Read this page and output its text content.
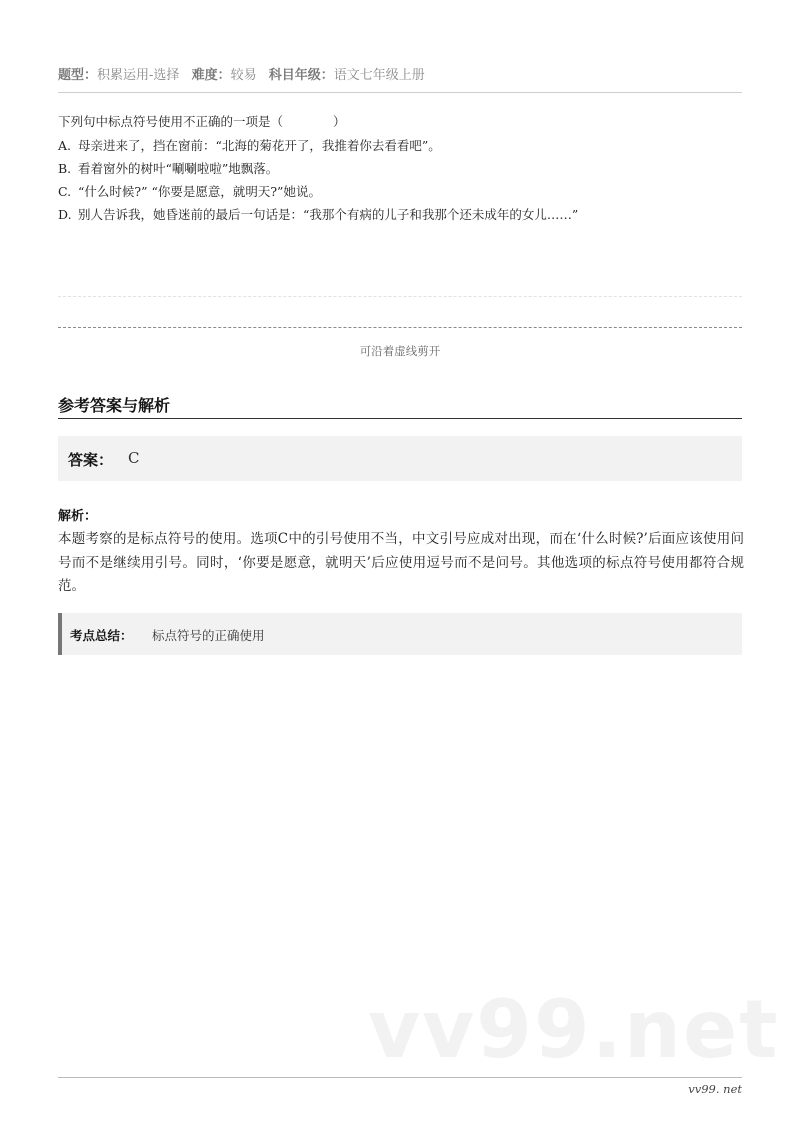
题型：积累运用-选择 难度：较易 科目年级：语文七年级上册
下列句中标点符号使用不正确的一项是（　　　　）
A. 母亲进来了，挡在窗前：“北海的菊花开了，我推着你去看看吧”。
B. 看着窗外的树叶“唰唰啦啦”地飘落。
C. “什么时候?” “你要是愿意，就明天?”她说。
D. 别人告诉我，她昏迷前的最后一句话是：“我那个有病的儿子和我那个还未成年的女儿……”
可沿着虚线剪开
参考答案与解析
答案： C
解析：
本题考察的是标点符号的使用。选项C中的引号使用不当，中文引号应成对出现，而在‘什么时候?’后面应该使用问号而不是继续用引号。同时，‘你要是愿意，就明天’后应使用逗号而不是问号。其他选项的标点符号使用都符合规范。
考点总结： 标点符号的正确使用
vv99.net
vv99. net
